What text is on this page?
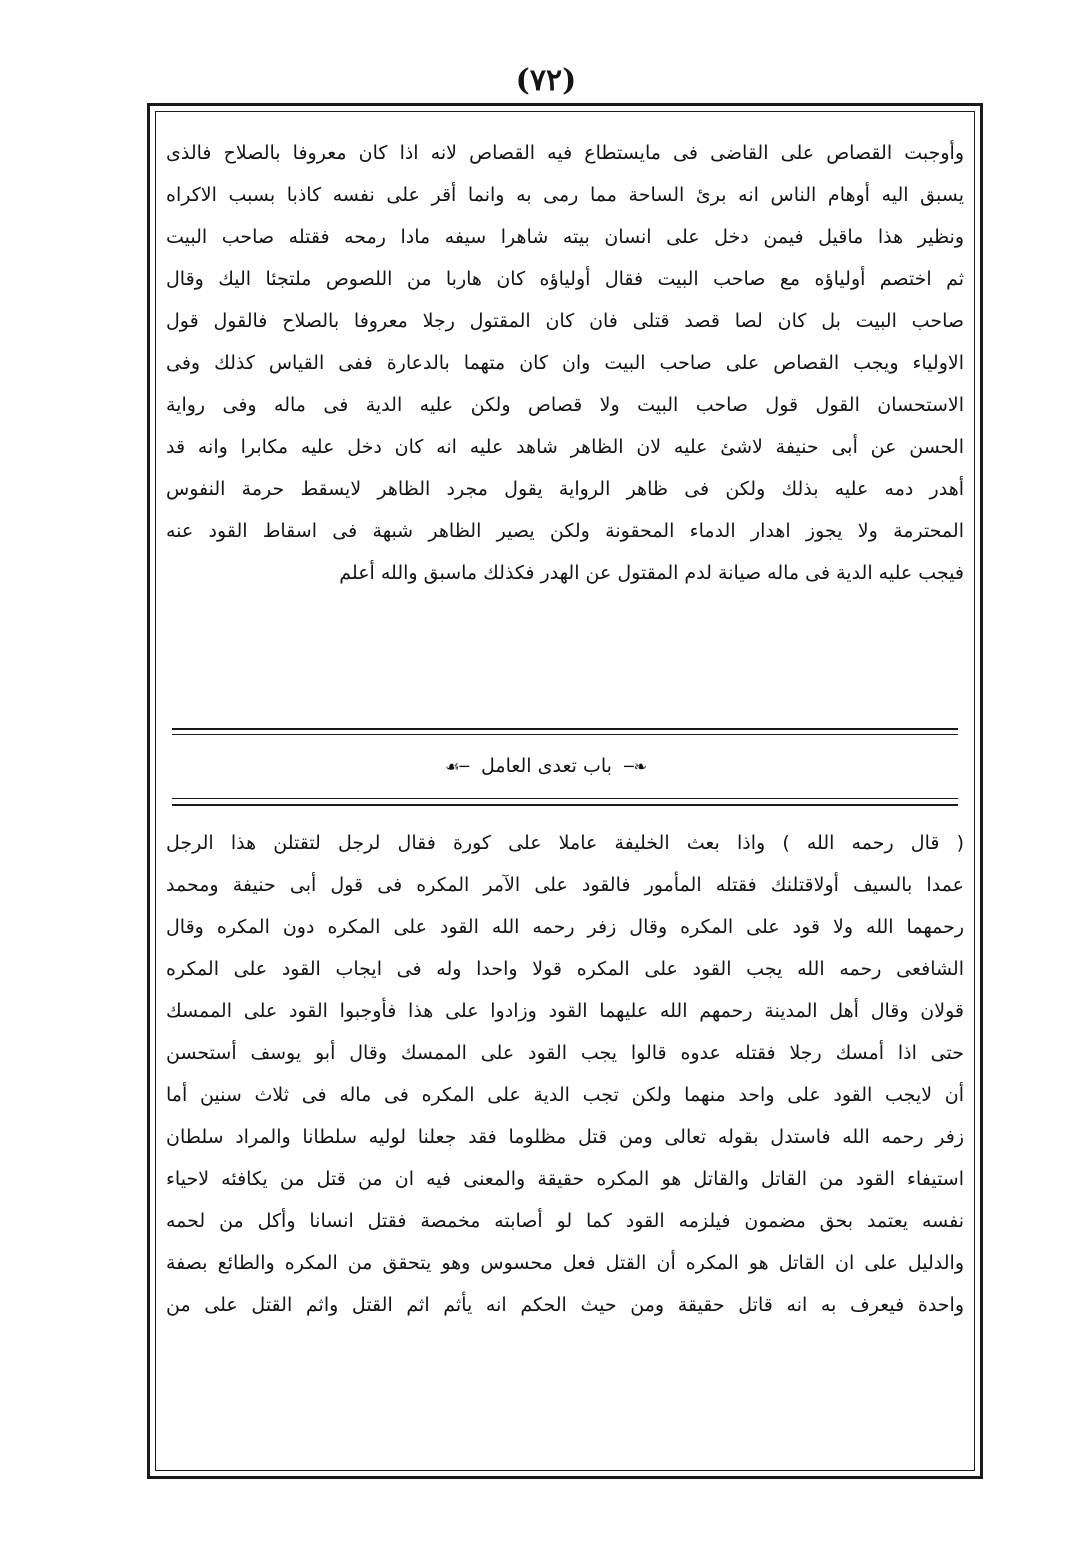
(٧٢)
وأوجبت القصاص على القاضى فى مايستطاع فيه القصاص لانه اذا كان معروفا بالصلاح فالذى
يسبق اليه أوهام الناس انه برئ الساحة مما رمى به وانما أقر على نفسه كاذبا بسبب الاكراه
ونظير هذا ماقيل فيمن دخل على انسان بيته شاهرا سيفه مادا رمحه فقتله صاحب البيت
ثم اختصم أولياؤه مع صاحب البيت فقال أولياؤه كان هاربا من اللصوص ملتجئا اليك وقال
صاحب البيت بل كان لصا قصد قتلى فان كان المقتول رجلا معروفا بالصلاح فالقول قول
الاولياء ويجب القصاص على صاحب البيت وان كان متهما بالدعارة ففى القياس كذلك وفى
الاستحسان القول قول صاحب البيت ولا قصاص ولكن عليه الدية فى ماله وفى رواية
الحسن عن أبى حنيفة لاشئ عليه لان الظاهر شاهد عليه انه كان دخل عليه مكابرا وانه قد
أهدر دمه عليه بذلك ولكن فى ظاهر الرواية يقول مجرد الظاهر لايسقط حرمة النفوس
المحترمة ولا يجوز اهدار الدماء المحقونة ولكن يصير الظاهر شبهة فى اسقاط القود عنه
فيجب عليه الدية فى ماله صيانة لدم المقتول عن الهدر فكذلك ماسبق والله أعلم
❧─ باب تعدی العامل ─☙
( قال رحمه الله ) واذا بعث الخليفة عاملا على كورة فقال لرجل لتقتلن هذا الرجل
عمدا بالسيف أولاقتلنك فقتله المأمور فالقود على الآمر المكره فى قول أبى حنيفة ومحمد
رحمهما الله ولا قود على المكره وقال زفر رحمه الله القود على المكره دون المكره وقال
الشافعى رحمه الله يجب القود على المكره قولا واحدا وله فى ايجاب القود على المكره
قولان وقال أهل المدينة رحمهم الله عليهما القود وزادوا على هذا فأوجبوا القود على الممسك
حتى اذا أمسك رجلا فقتله عدوه قالوا يجب القود على الممسك وقال أبو يوسف أستحسن
أن لايجب القود على واحد منهما ولكن تجب الدية على المكره فى ماله فى ثلاث سنين أما
زفر رحمه الله فاستدل بقوله تعالى ومن قتل مظلوما فقد جعلنا لوليه سلطانا والمراد سلطان
استيفاء القود من القاتل والقاتل هو المكره حقيقة والمعنى فيه ان من قتل من يكافئه لاحياء
نفسه يعتمد بحق مضمون فيلزمه القود كما لو أصابته مخمصة فقتل انسانا وأكل من لحمه
والدليل على ان القاتل هو المكره أن القتل فعل محسوس وهو يتحقق من المكره والطائع بصفة
واحدة فيعرف به انه قاتل حقيقة ومن حيث الحكم انه يأثم اثم القتل واثم القتل على من
